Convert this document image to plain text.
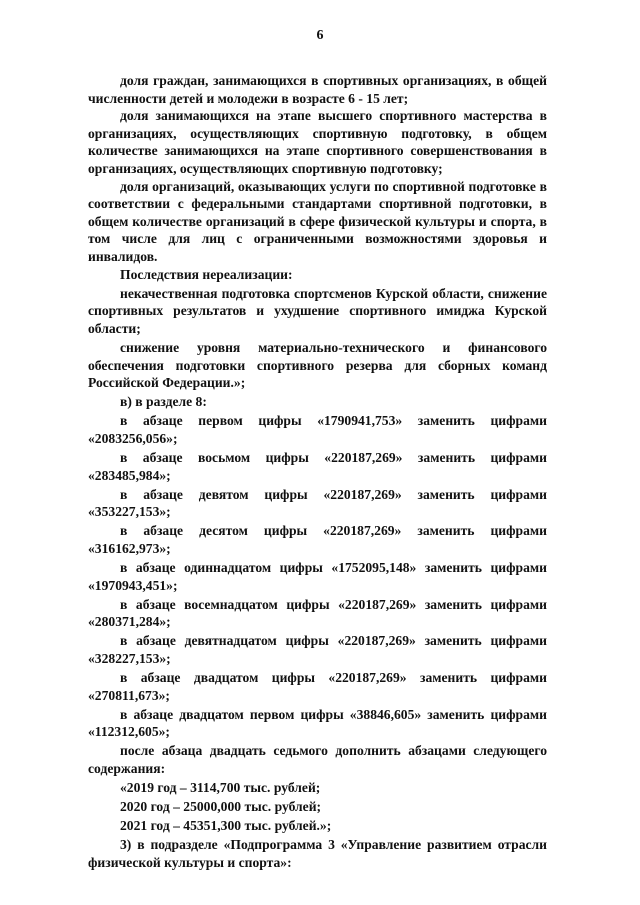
6

доля граждан, занимающихся в спортивных организациях, в общей численности детей и молодежи в возрасте 6 - 15 лет;

доля занимающихся на этапе высшего спортивного мастерства в организациях, осуществляющих спортивную подготовку, в общем количестве занимающихся на этапе спортивного совершенствования в организациях, осуществляющих спортивную подготовку;

доля организаций, оказывающих услуги по спортивной подготовке в соответствии с федеральными стандартами спортивной подготовки, в общем количестве организаций в сфере физической культуры и спорта, в том числе для лиц с ограниченными возможностями здоровья и инвалидов.

Последствия нереализации:

некачественная подготовка спортсменов Курской области, снижение спортивных результатов и ухудшение спортивного имиджа Курской области;

снижение уровня материально-технического и финансового обеспечения подготовки спортивного резерва для сборных команд Российской Федерации.»;

в) в разделе 8:

в абзаце первом цифры «1790941,753» заменить цифрами «2083256,056»;

в абзаце восьмом цифры «220187,269» заменить цифрами «283485,984»;

в абзаце девятом цифры «220187,269» заменить цифрами «353227,153»;

в абзаце десятом цифры «220187,269» заменить цифрами «316162,973»;

в абзаце одиннадцатом цифры «1752095,148» заменить цифрами «1970943,451»;

в абзаце восемнадцатом цифры «220187,269» заменить цифрами «280371,284»;

в абзаце девятнадцатом цифры «220187,269» заменить цифрами «328227,153»;

в абзаце двадцатом цифры «220187,269» заменить цифрами «270811,673»;

в абзаце двадцатом первом цифры «38846,605» заменить цифрами «112312,605»;

после абзаца двадцать седьмого дополнить абзацами следующего содержания:

«2019 год – 3114,700 тыс. рублей;

2020 год – 25000,000 тыс. рублей;

2021 год – 45351,300 тыс. рублей.»;

3) в подразделе «Подпрограмма 3 «Управление развитием отрасли физической культуры и спорта»:
